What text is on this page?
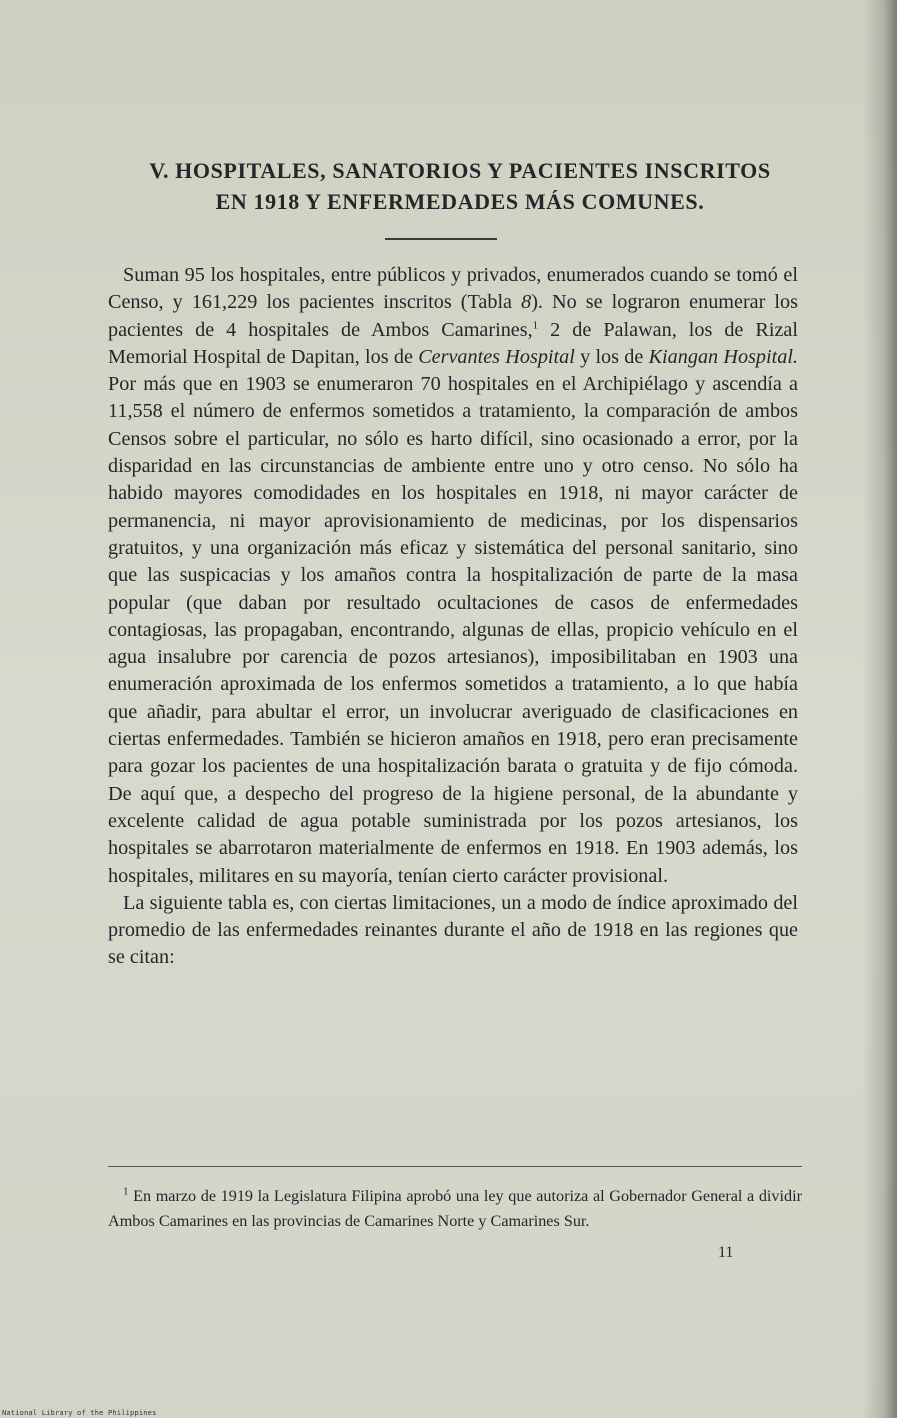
V. HOSPITALES, SANATORIOS Y PACIENTES INSCRITOS
EN 1918 Y ENFERMEDADES MÁS COMUNES.

Suman 95 los hospitales, entre públicos y privados, enumerados cuando se tomó el Censo, y 161,229 los pacientes inscritos (Tabla 8). No se lograron enumerar los pacientes de 4 hospitales de Ambos Camarines,$^1$ 2 de Palawan, los de Rizal Memorial Hospital de Dapitan, los de Cervantes Hospital y los de Kiangan Hospital. Por más que en 1903 se enumeraron 70 hospitales en el Archipiélago y ascendía a 11,558 el número de enfermos sometidos a tratamiento, la comparación de ambos Censos sobre el particular, no sólo es harto difícil, sino ocasionado a error, por la disparidad en las circunstancias de ambiente entre uno y otro censo. No sólo ha habido mayores comodidades en los hospitales en 1918, ni mayor carácter de permanencia, ni mayor aprovisionamiento de medicinas, por los dispensarios gratuitos, y una organización más eficaz y sistemática del personal sanitario, sino que las suspicacias y los amaños contra la hospitalización de parte de la masa popular (que daban por resultado ocultaciones de casos de enfermedades contagiosas, las propagaban, encontrando, algunas de ellas, propicio vehículo en el agua insalubre por carencia de pozos artesianos), imposibilitaban en 1903 una enumeración aproximada de los enfermos sometidos a tratamiento, a lo que había que añadir, para abultar el error, un involucrar averiguado de clasificaciones en ciertas enfermedades. También se hicieron amaños en 1918, pero eran precisamente para gozar los pacientes de una hospitalización barata o gratuita y de fijo cómoda. De aquí que, a despecho del progreso de la higiene personal, de la abundante y excelente calidad de agua potable suministrada por los pozos artesianos, los hospitales se abarrotaron materialmente de enfermos en 1918. En 1903 además, los hospitales, militares en su mayoría, tenían cierto carácter provisional.

La siguiente tabla es, con ciertas limitaciones, un a modo de índice aproximado del promedio de las enfermedades reinantes durante el año de 1918 en las regiones que se citan:

$^1$ En marzo de 1919 la Legislatura Filipina aprobó una ley que autoriza al Gobernador General a dividir Ambos Camarines en las provincias de Camarines Norte y Camarines Sur.

11
National Library of the Philippines
